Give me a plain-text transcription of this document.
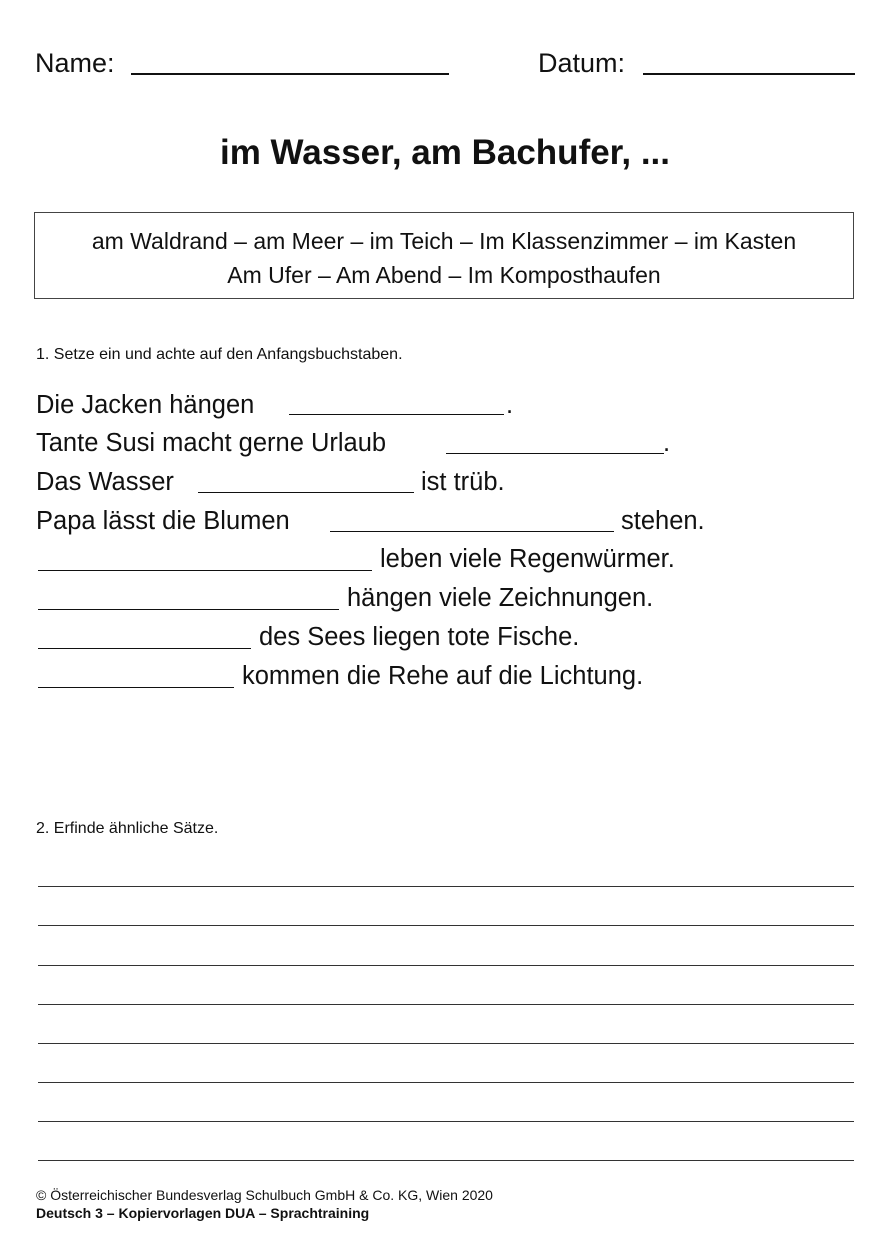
Name:	Datum:
im Wasser, am Bachufer, ...
am Waldrand – am Meer – im Teich – Im Klassenzimmer – im Kasten
Am Ufer – Am Abend – Im Komposthaufen
1. Setze ein und achte auf den Anfangsbuchstaben.
Die Jacken hängen	.
Tante Susi macht gerne Urlaub	.
Das Wasser	ist trüb.
Papa lässt die Blumen	stehen.
leben viele Regenwürmer.
hängen viele Zeichnungen.
des Sees liegen tote Fische.
kommen die Rehe auf die Lichtung.
2. Erfinde ähnliche Sätze.
© Österreichischer Bundesverlag Schulbuch GmbH & Co. KG, Wien 2020
Deutsch 3 – Kopiervorlagen DUA – Sprachtraining
